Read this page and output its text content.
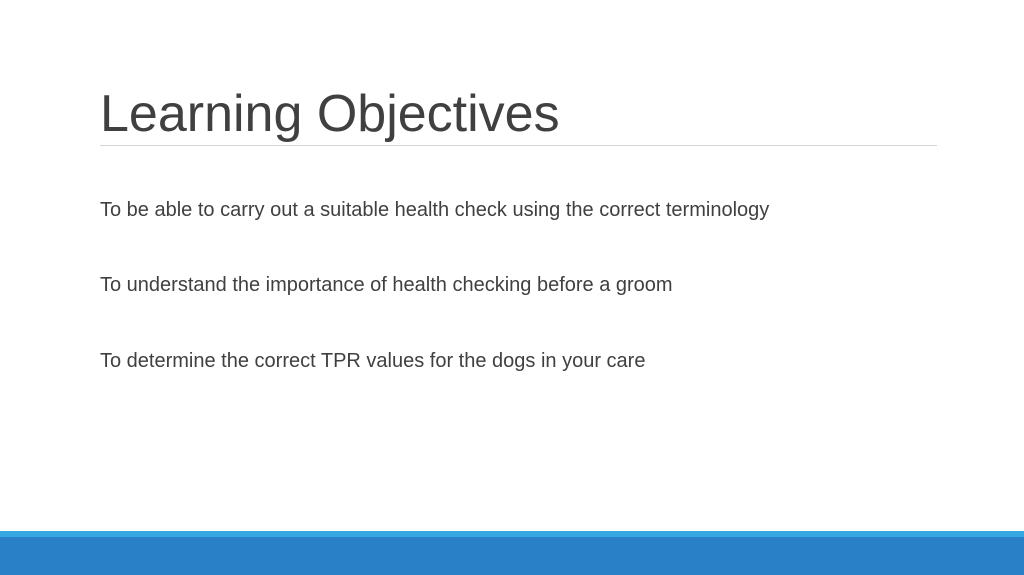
Learning Objectives
To be able to carry out a suitable health check using the correct terminology
To understand the importance of health checking before a groom
To determine the correct TPR values for the dogs in your care
